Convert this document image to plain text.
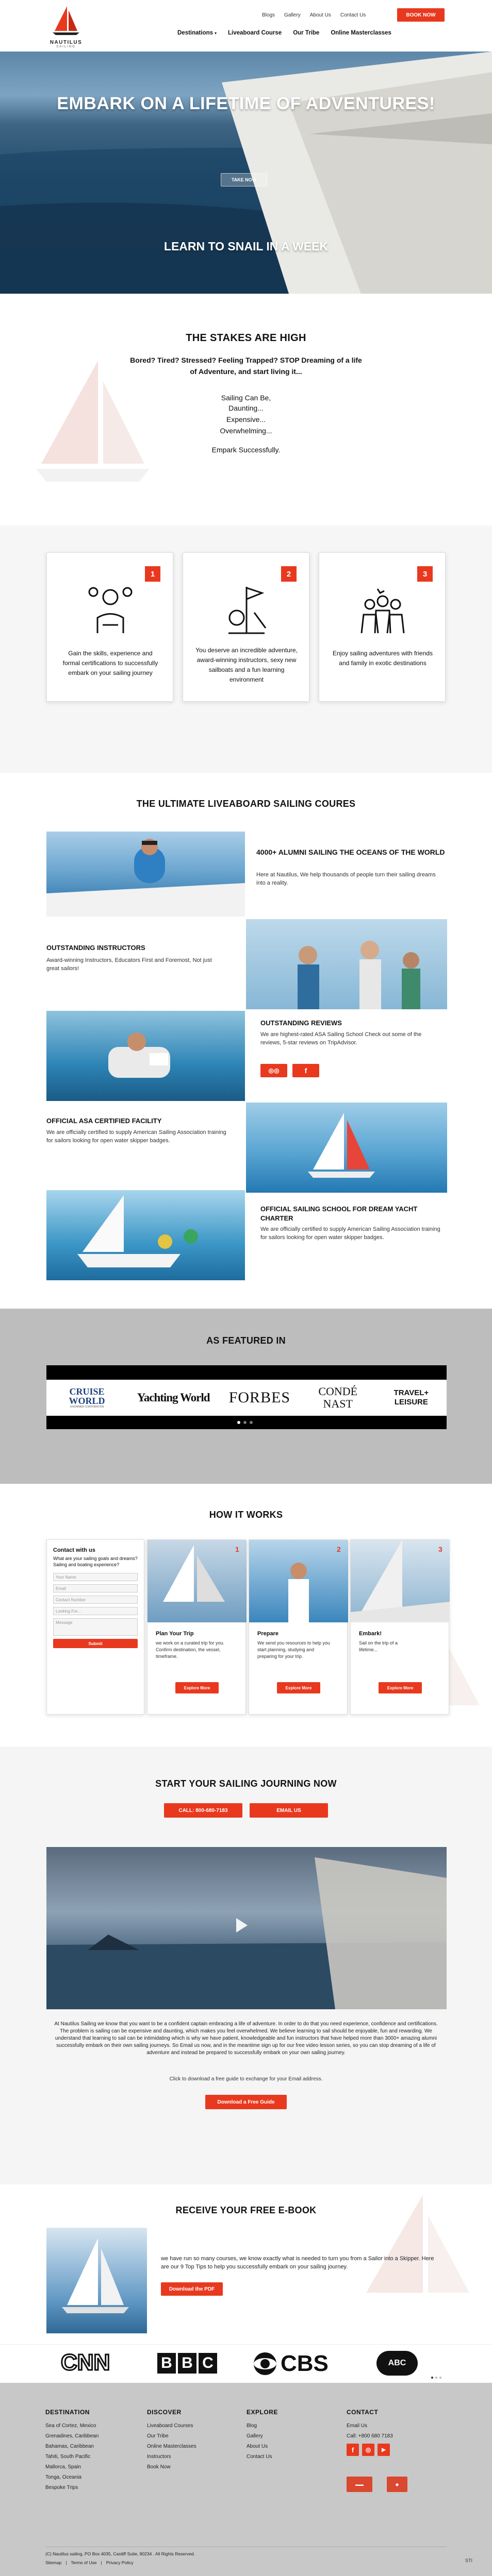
NAUTILUS
SAILING
Blogs Gallery About Us Contact Us	BOOK NOW
Destinations ▾ Liveaboard Course Our Tribe Online Masterclasses
EMBARK ON A LIFETIME OF ADVENTURES!
TAKE NOW
LEARN TO SNAIL IN A WEEK
THE STAKES ARE HIGH
Bored? Tired? Stressed? Feeling Trapped? STOP Dreaming of a life of Adventure, and start living it...
Sailing Can Be,
Daunting...
Expensive...
Overwhelming...
Empark Successfully.
1
Gain the skills, experience and formal certifications to successfully embark on your sailing journey
2
You deserve an incredible adventure, award-winning instructors, sexy new sailboats and a fun learning environment
3
Enjoy sailing adventures with friends and family in exotic destinations
THE ULTIMATE LIVEABOARD SAILING COURES
4000+ ALUMNI SAILING THE OCEANS OF THE WORLD
Here at Nautilus, We help thousands of people turn their sailing dreams into a reality.
OUTSTANDING INSTRUCTORS
Award-winning Instructors, Educators First and Foremost, Not just great sailors!
OUTSTANDING REVIEWS
We are highest-rated ASA Sailing School Check out some of the reviews, 5-star reviews on TripAdvisor.
◎◎	f
OFFICIAL ASA CERTIFIED FACILITY
We are officially certified to supply American Sailing Association training for sailors looking for open water skipper badges.
OFFICIAL SAILING SCHOOL FOR DREAM YACHT CHARTER
We are officially certified to supply American Sailing Association training for sailors looking for open water skipper badges.
AS FEATURED IN
CRUISE WORLD
A BONNIER CORPORATION
Yachting World FORBES	CONDÉ NAST
TRAVEL+ LEISURE
HOW IT WORKS
Contact with us
What are your sailing goals and dreams? Sailing and boating experience?
Your Name
Email
Contact Number
Looking For...
Message
Submit
1
Plan Your Trip
we work on a curated trip for you. Confirm destination, the vessel, timeframe.
Explore More
2
Prepare
We send you resources to help you start planning, studying and preparing for your trip.
Explore More
3
Embark!
Sail on the trip of a lifetime...
Explore More
START YOUR SAILING JOURNING NOW
CALL: 800-680-7183	EMAIL US
At Nautilus Sailing we know that you want to be a confident captain embracing a life of adventure. In order to do that you need experience, confidence and certifications. The problem is sailing can be expensive and daunting, which makes you feel overwhelmed. We believe learning to sail should be enjoyable, fun and rewarding. We understand that learning to sail can be intimidating which is why we have patient, knowledgeable and fun instructors that have helped more than 3000+ amazing alumni successfully embark on their own sailing journeys. So Email us now, and in the meantime sign up for our free video lesson series, so you can stop dreaming of a life of adventure and instead be prepared to successfully embark on your own sailing journey.
Click to download a free guide to exchange for your Email address.
Download a Free Guide
RECEIVE YOUR FREE E-BOOK
we have run so many courses, we know exactly what is needed to turn you from a Sailor into a Skipper. Here are our 9 Top Tips to help you successfully embark on your sailing journey.
Download the PDF
CNN	B B C	CBS	ABC
DESTINATION
Sea of Cortez, Mexico
Grenadines, Caribbean
Bahamas, Caribbean
Tahiti, South Pacific
Mallorca, Spain
Tonga, Oceania
Bespoke Trips
DISCOVER
Liveaboard Courses
Our Tribe
Online Masterclasses
Instructors
Book Now
EXPLORE
Blog
Gallery
About Us
Contact Us
CONTACT
Email Us
Call: +800 680 7183
f	◎	▶
▬▬	◆
(C) Nautilus sailing, PO Box 4035, Cardiff Suite, 90234 . All Rights Reserved.
Sitemap | Terms of Use | Privacy Policy	STI
